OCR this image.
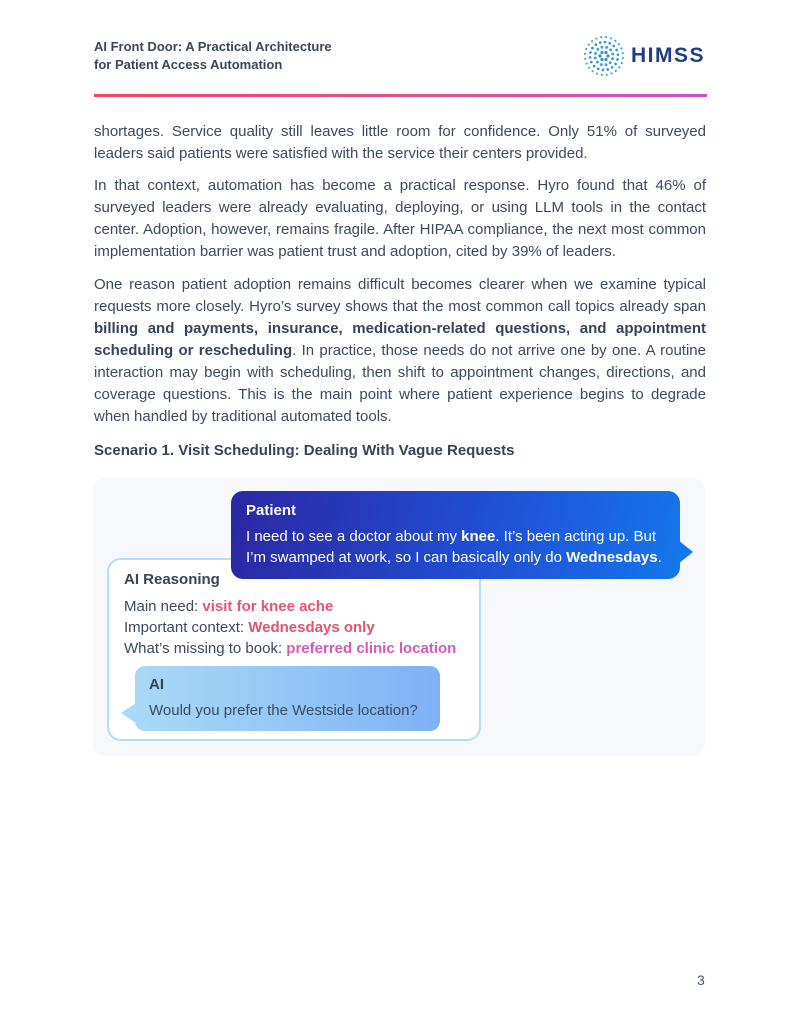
AI Front Door: A Practical Architecture
for Patient Access Automation	HIMSS

shortages. Service quality still leaves little room for confidence. Only 51% of surveyed leaders said patients were satisfied with the service their centers provided.

In that context, automation has become a practical response. Hyro found that 46% of surveyed leaders were already evaluating, deploying, or using LLM tools in the contact center. Adoption, however, remains fragile. After HIPAA compliance, the next most common implementation barrier was patient trust and adoption, cited by 39% of leaders.

One reason patient adoption remains difficult becomes clearer when we examine typical requests more closely. Hyro’s survey shows that the most common call topics already span billing and payments, insurance, medication-related questions, and appointment scheduling or rescheduling. In practice, those needs do not arrive one by one. A routine interaction may begin with scheduling, then shift to appointment changes, directions, and coverage questions. This is the main point where patient experience begins to degrade when handled by traditional automated tools.

Scenario 1. Visit Scheduling: Dealing With Vague Requests
AI Reasoning
Main need: visit for knee ache
Important context: Wednesdays only
What’s missing to book: preferred clinic location
Patient
I need to see a doctor about my knee. It’s been acting up. But
I’m swamped at work, so I can basically only do Wednesdays.
AI
Would you prefer the Westside location?
3
